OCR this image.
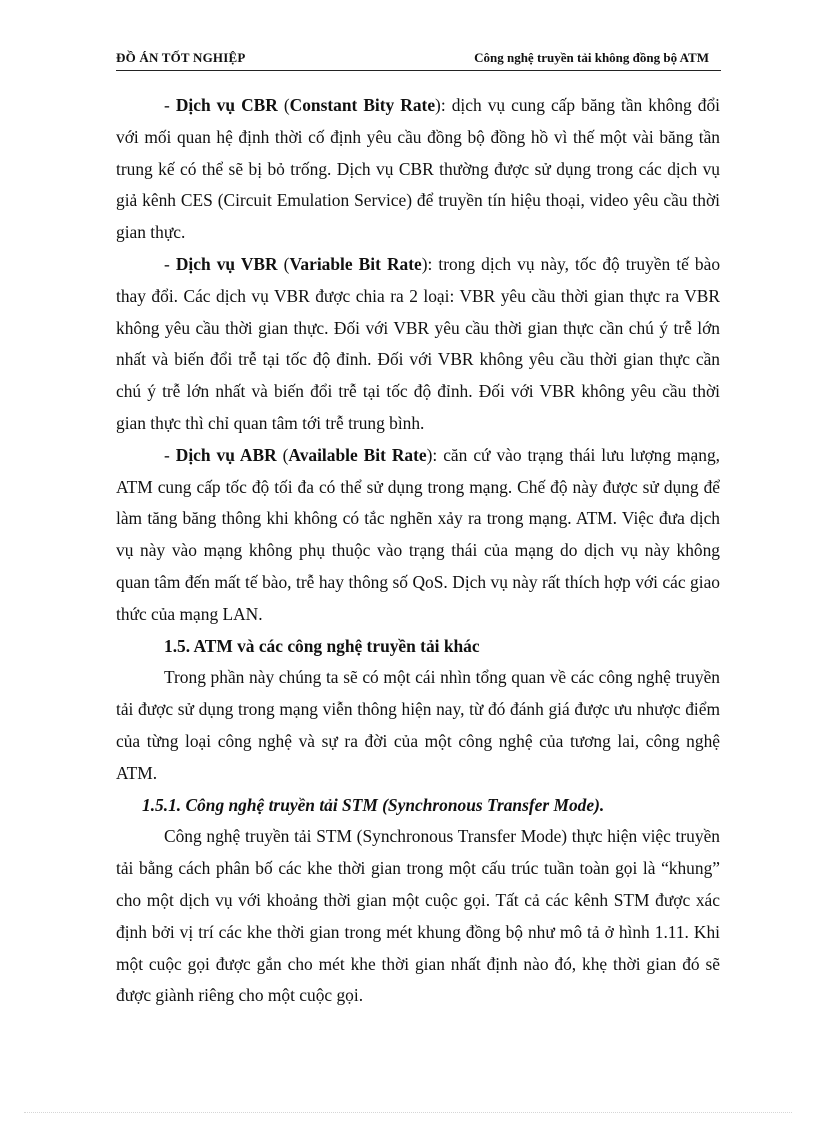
ĐỒ ÁN TỐT NGHIỆP	Công nghệ truyền tải không đồng bộ ATM

- Dịch vụ CBR (Constant Bity Rate): dịch vụ cung cấp băng tần không đổi với mối quan hệ định thời cố định yêu cầu đồng bộ đồng hồ vì thế một vài băng tần trung kế có thể sẽ bị bỏ trống. Dịch vụ CBR thường được sử dụng trong các dịch vụ giả kênh CES (Circuit Emulation Service) để truyền tín hiệu thoại, video yêu cầu thời gian thực.

- Dịch vụ VBR (Variable Bit Rate): trong dịch vụ này, tốc độ truyền tế bào thay đổi. Các dịch vụ VBR được chia ra 2 loại: VBR yêu cầu thời gian thực ra VBR không yêu cầu thời gian thực. Đối với VBR yêu cầu thời gian thực cần chú ý trễ lớn nhất và biến đổi trễ tại tốc độ đỉnh. Đối với VBR không yêu cầu thời gian thực cần chú ý trễ lớn nhất và biến đổi trễ tại tốc độ đỉnh. Đối với VBR không yêu cầu thời gian thực thì chỉ quan tâm tới trễ trung bình.

- Dịch vụ ABR (Available Bit Rate): căn cứ vào trạng thái lưu lượng mạng, ATM cung cấp tốc độ tối đa có thể sử dụng trong mạng. Chế độ này được sử dụng để làm tăng băng thông khi không có tắc nghẽn xảy ra trong mạng. ATM. Việc đưa dịch vụ này vào mạng không phụ thuộc vào trạng thái của mạng do dịch vụ này không quan tâm đến mất tế bào, trễ hay thông số QoS. Dịch vụ này rất thích hợp với các giao thức của mạng LAN.

1.5. ATM và các công nghệ truyền tải khác

Trong phần này chúng ta sẽ có một cái nhìn tổng quan về các công nghệ truyền tải được sử dụng trong mạng viễn thông hiện nay, từ đó đánh giá được ưu nhược điểm của từng loại công nghệ và sự ra đời của một công nghệ của tương lai, công nghệ ATM.

1.5.1. Công nghệ truyền tải STM (Synchronous Transfer Mode).

Công nghệ truyền tải STM (Synchronous Transfer Mode) thực hiện việc truyền tải bằng cách phân bố các khe thời gian trong một cấu trúc tuần toàn gọi là “khung” cho một dịch vụ với khoảng thời gian một cuộc gọi. Tất cả các kênh STM được xác định bởi vị trí các khe thời gian trong mét khung đồng bộ như mô tả ở hình 1.11. Khi một cuộc gọi được gắn cho mét khe thời gian nhất định nào đó, khẹ thời gian đó sẽ được giành riêng cho một cuộc gọi.
